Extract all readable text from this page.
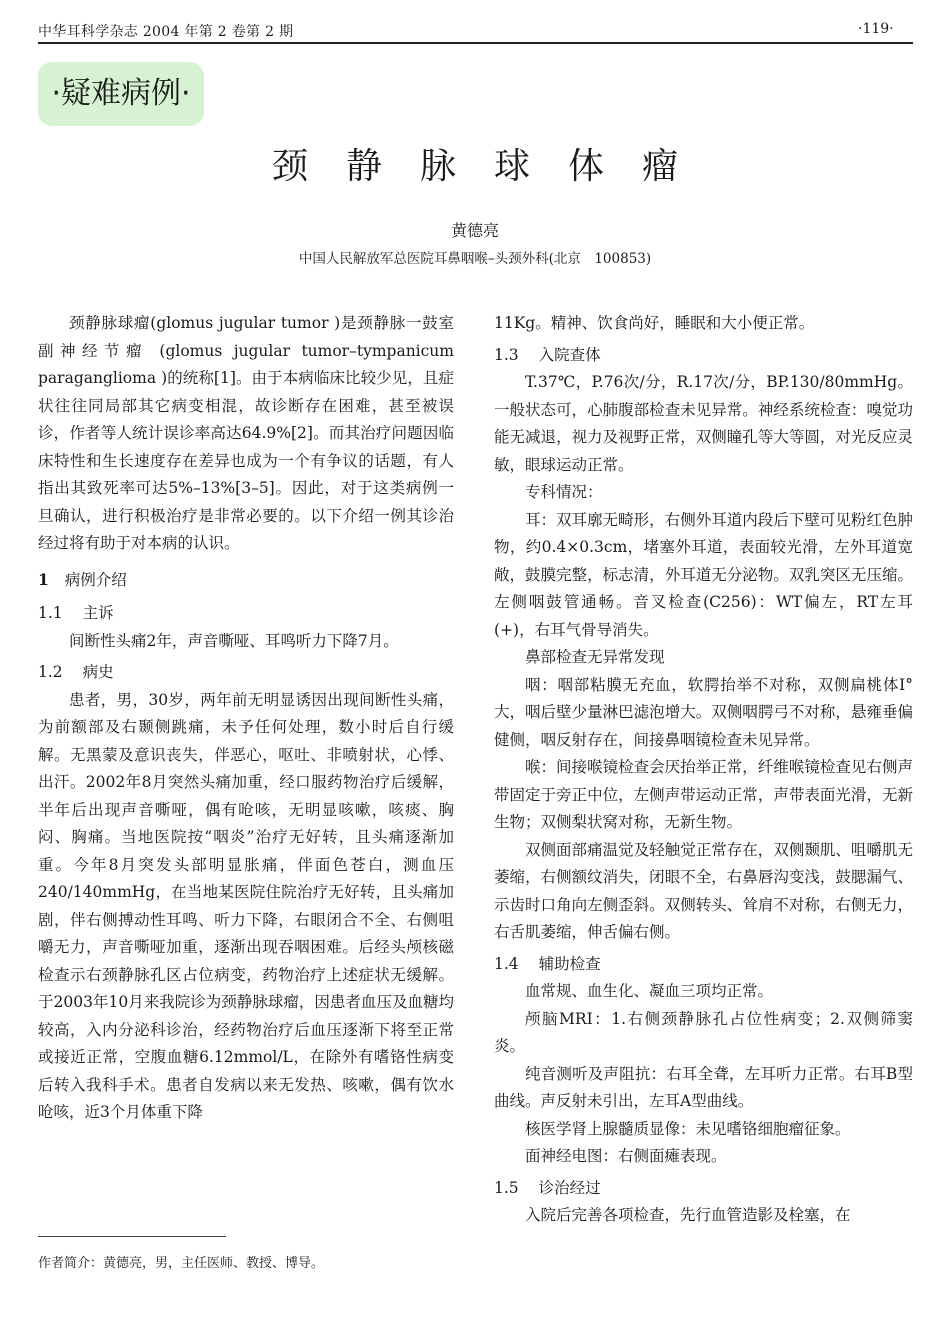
中华耳科学杂志 2004 年第 2 卷第 2 期	·119·
·疑难病例·
颈静脉球体瘤
黄德亮
中国人民解放军总医院耳鼻咽喉–头颈外科(北京　100853)

颈静脉球瘤(glomus jugular tumor )是颈静脉一鼓室副神经节瘤 (glomus jugular tumor–tympanicum paraganglioma )的统称[1]。由于本病临床比较少见，且症状往往同局部其它病变相混，故诊断存在困难，甚至被误诊，作者等人统计误诊率高达64.9%[2]。而其治疗问题因临床特性和生长速度存在差异也成为一个有争议的话题，有人指出其致死率可达5%–13%[3–5]。因此，对于这类病例一旦确认，进行积极治疗是非常必要的。以下介绍一例其诊治经过将有助于对本病的认识。

1 病例介绍
1.1 主诉

间断性头痛2年，声音嘶哑、耳鸣听力下降7月。

1.2 病史

患者，男，30岁，两年前无明显诱因出现间断性头痛，为前额部及右颞侧跳痛，未予任何处理，数小时后自行缓解。无黑蒙及意识丧失，伴恶心，呕吐、非喷射状，心悸、出汗。2002年8月突然头痛加重，经口服药物治疗后缓解，半年后出现声音嘶哑，偶有呛咳，无明显咳嗽，咳痰、胸闷、胸痛。当地医院按“咽炎”治疗无好转，且头痛逐渐加重。今年8月突发头部明显胀痛，伴面色苍白，测血压240/140mmHg，在当地某医院住院治疗无好转，且头痛加剧，伴右侧搏动性耳鸣、听力下降，右眼闭合不全、右侧咀嚼无力，声音嘶哑加重，逐渐出现吞咽困难。后经头颅核磁检查示右颈静脉孔区占位病变，药物治疗上述症状无缓解。于2003年10月来我院诊为颈静脉球瘤，因患者血压及血糖均较高，入内分泌科诊治，经药物治疗后血压逐渐下将至正常或接近正常，空腹血糖6.12mmol/L，在除外有嗜铬性病变后转入我科手术。患者自发病以来无发热、咳嗽，偶有饮水呛咳，近3个月体重下降

11Kg。精神、饮食尚好，睡眠和大小便正常。

1.3 入院查体

T.37℃，P.76次/分，R.17次/分，BP.130/80mmHg。一般状态可，心肺腹部检查未见异常。神经系统检查：嗅觉功能无减退，视力及视野正常，双侧瞳孔等大等圆，对光反应灵敏，眼球运动正常。

专科情况：

耳：双耳廓无畸形，右侧外耳道内段后下壁可见粉红色肿物，约0.4×0.3cm，堵塞外耳道，表面较光滑，左外耳道宽敞，鼓膜完整，标志清，外耳道无分泌物。双乳突区无压缩。左侧咽鼓管通畅。音叉检查(C256)：WT偏左，RT左耳(+)，右耳气骨导消失。

鼻部检查无异常发现

咽：咽部粘膜无充血，软腭抬举不对称，双侧扁桃体I°大，咽后壁少量淋巴滤泡增大。双侧咽腭弓不对称，悬雍垂偏健侧，咽反射存在，间接鼻咽镜检查未见异常。

喉：间接喉镜检查会厌抬举正常，纤维喉镜检查见右侧声带固定于旁正中位，左侧声带运动正常，声带表面光滑，无新生物；双侧梨状窝对称，无新生物。

双侧面部痛温觉及轻触觉正常存在，双侧颞肌、咀嚼肌无萎缩，右侧额纹消失，闭眼不全，右鼻唇沟变浅，鼓腮漏气、示齿时口角向左侧歪斜。双侧转头、耸肩不对称，右侧无力，右舌肌萎缩，伸舌偏右侧。

1.4 辅助检查

血常规、血生化、凝血三项均正常。

颅脑MRI：1.右侧颈静脉孔占位性病变；2.双侧筛窦炎。

纯音测听及声阻抗：右耳全聋，左耳听力正常。右耳B型曲线。声反射未引出，左耳A型曲线。

核医学肾上腺髓质显像：未见嗜铬细胞瘤征象。

面神经电图：右侧面瘫表现。

1.5 诊治经过

入院后完善各项检查，先行血管造影及栓塞，在

作者简介：黄德亮，男，主任医师、教授、博导。
